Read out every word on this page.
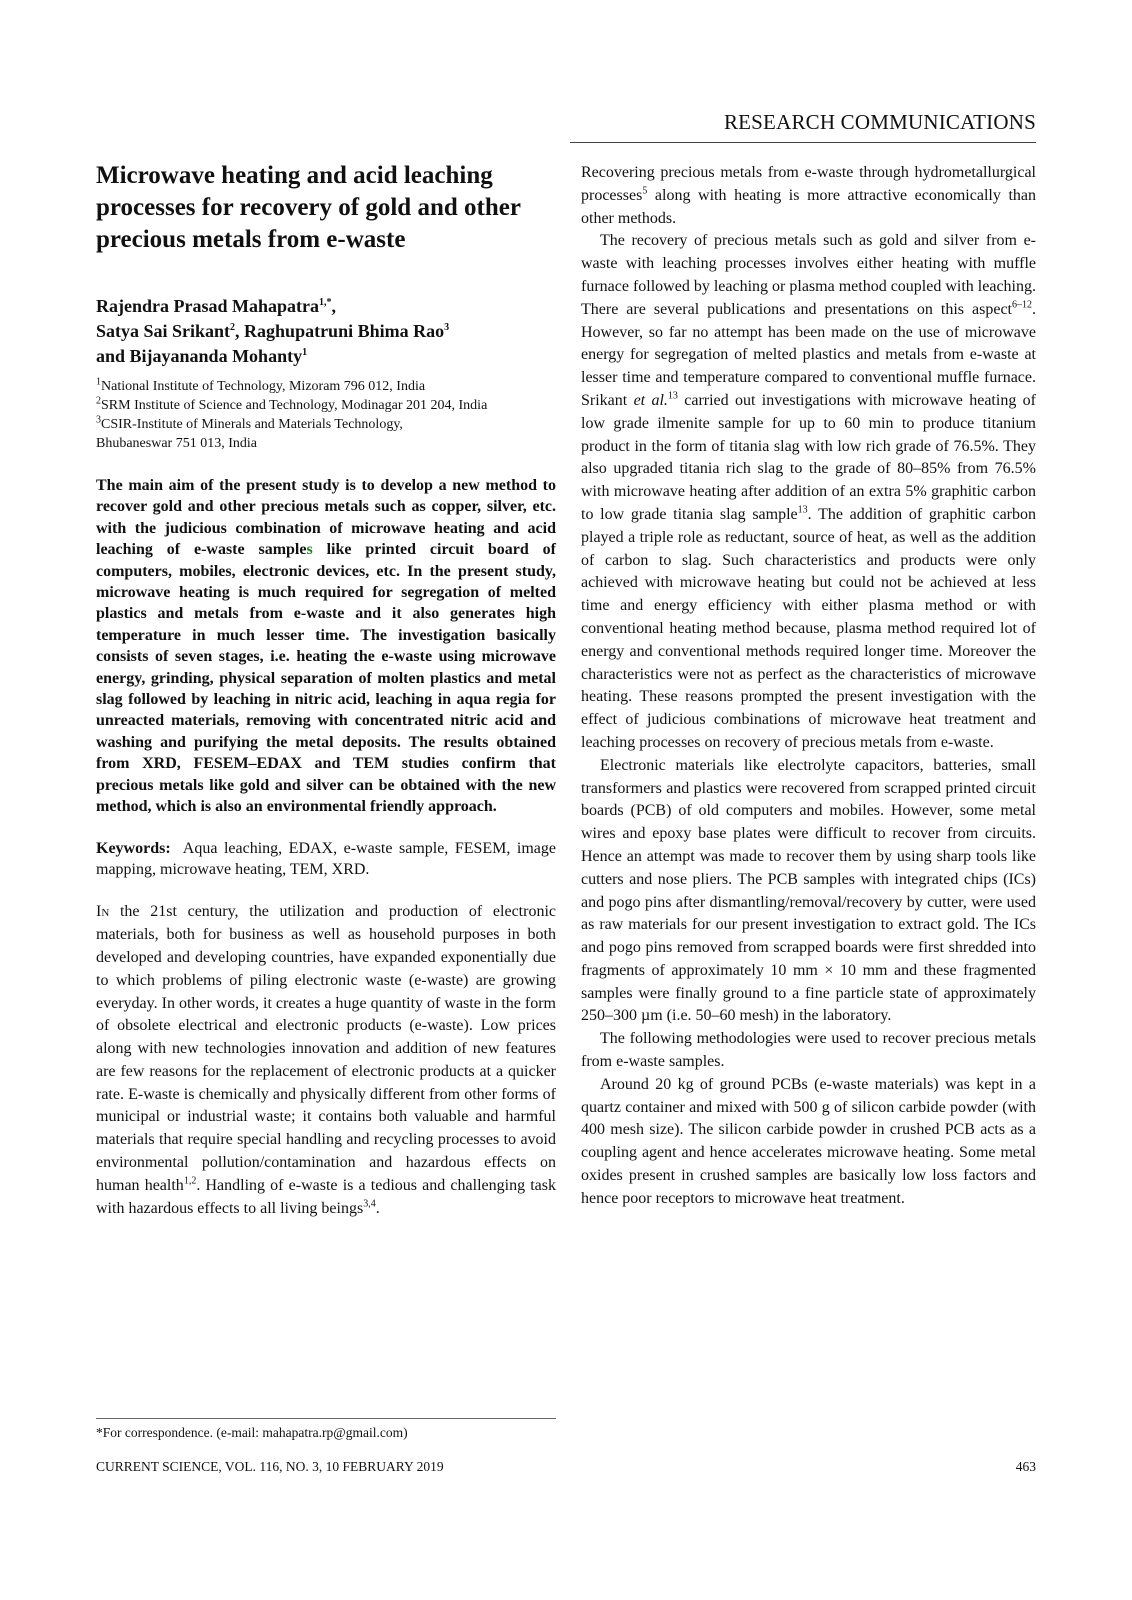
RESEARCH COMMUNICATIONS
Microwave heating and acid leaching processes for recovery of gold and other precious metals from e-waste

Rajendra Prasad Mahapatra$^{1,*}$,
Satya Sai Srikant$^2$, Raghupatruni Bhima Rao$^3$
and Bijayananda Mohanty$^1$

$^1$National Institute of Technology, Mizoram 796 012, India

$^2$SRM Institute of Science and Technology, Modinagar 201 204, India

$^3$CSIR-Institute of Minerals and Materials Technology,

Bhubaneswar 751 013, India

The main aim of the present study is to develop a new method to recover gold and other precious metals such as copper, silver, etc. with the judicious combination of microwave heating and acid leaching of e-waste samples like printed circuit board of computers, mobiles, electronic devices, etc. In the present study, microwave heating is much required for segregation of melted plastics and metals from e-waste and it also generates high temperature in much lesser time. The investigation basically consists of seven stages, i.e. heating the e-waste using microwave energy, grinding, physical separation of molten plastics and metal slag followed by leaching in nitric acid, leaching in aqua regia for unreacted materials, removing with concentrated nitric acid and washing and purifying the metal deposits. The results obtained from XRD, FESEM–EDAX and TEM studies confirm that precious metals like gold and silver can be obtained with the new method, which is also an environmental friendly approach.

Keywords: Aqua leaching, EDAX, e-waste sample, FESEM, image mapping, microwave heating, TEM, XRD.

In the 21st century, the utilization and production of electronic materials, both for business as well as household purposes in both developed and developing countries, have expanded exponentially due to which problems of piling electronic waste (e-waste) are growing everyday. In other words, it creates a huge quantity of waste in the form of obsolete electrical and electronic products (e-waste). Low prices along with new technologies innovation and addition of new features are few reasons for the replacement of electronic products at a quicker rate. E-waste is chemically and physically different from other forms of municipal or industrial waste; it contains both valuable and harmful materials that require special handling and recycling processes to avoid environmental pollution/contamination and hazardous effects on human health$^{1,2}$. Handling of e-waste is a tedious and challenging task with hazardous effects to all living beings$^{3,4}$.

Recovering precious metals from e-waste through hydrometallurgical processes$^5$ along with heating is more attractive economically than other methods.

The recovery of precious metals such as gold and silver from e-waste with leaching processes involves either heating with muffle furnace followed by leaching or plasma method coupled with leaching. There are several publications and presentations on this aspect$^{6-12}$. However, so far no attempt has been made on the use of microwave energy for segregation of melted plastics and metals from e-waste at lesser time and temperature compared to conventional muffle furnace. Srikant et al.$^{13}$ carried out investigations with microwave heating of low grade ilmenite sample for up to 60 min to produce titanium product in the form of titania slag with low rich grade of 76.5%. They also upgraded titania rich slag to the grade of 80–85% from 76.5% with microwave heating after addition of an extra 5% graphitic carbon to low grade titania slag sample$^{13}$. The addition of graphitic carbon played a triple role as reductant, source of heat, as well as the addition of carbon to slag. Such characteristics and products were only achieved with microwave heating but could not be achieved at less time and energy efficiency with either plasma method or with conventional heating method because, plasma method required lot of energy and conventional methods required longer time. Moreover the characteristics were not as perfect as the characteristics of microwave heating. These reasons prompted the present investigation with the effect of judicious combinations of microwave heat treatment and leaching processes on recovery of precious metals from e-waste.

Electronic materials like electrolyte capacitors, batteries, small transformers and plastics were recovered from scrapped printed circuit boards (PCB) of old computers and mobiles. However, some metal wires and epoxy base plates were difficult to recover from circuits. Hence an attempt was made to recover them by using sharp tools like cutters and nose pliers. The PCB samples with integrated chips (ICs) and pogo pins after dismantling/removal/recovery by cutter, were used as raw materials for our present investigation to extract gold. The ICs and pogo pins removed from scrapped boards were first shredded into fragments of approximately 10 mm × 10 mm and these fragmented samples were finally ground to a fine particle state of approximately 250–300 µm (i.e. 50–60 mesh) in the laboratory.

The following methodologies were used to recover precious metals from e-waste samples.

Around 20 kg of ground PCBs (e-waste materials) was kept in a quartz container and mixed with 500 g of silicon carbide powder (with 400 mesh size). The silicon carbide powder in crushed PCB acts as a coupling agent and hence accelerates microwave heating. Some metal oxides present in crushed samples are basically low loss factors and hence poor receptors to microwave heat treatment.

*For correspondence. (e-mail: mahapatra.rp@gmail.com)
CURRENT SCIENCE, VOL. 116, NO. 3, 10 FEBRUARY 2019	463
